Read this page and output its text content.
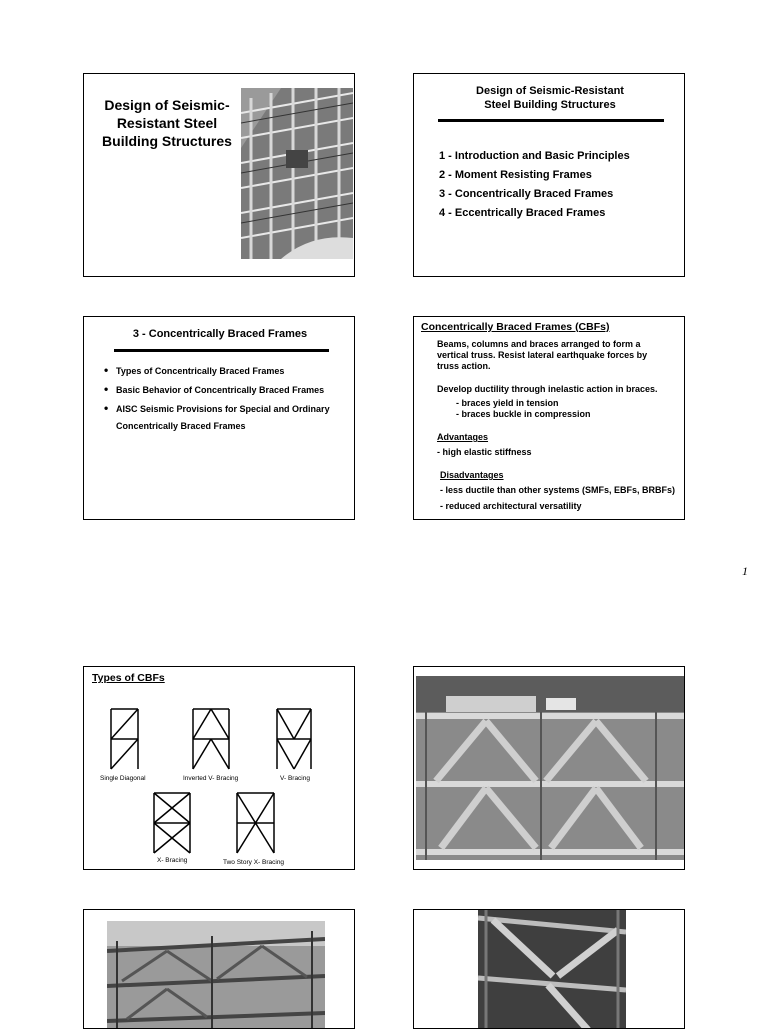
Design of Seismic-
Resistant Steel
Building Structures
Design of Seismic-Resistant
Steel Building Structures
1 - Introduction and Basic Principles
2 - Moment Resisting Frames
3 - Concentrically Braced Frames
4 - Eccentrically Braced Frames
3 - Concentrically Braced Frames
• Types of Concentrically Braced Frames
• Basic Behavior of Concentrically Braced Frames
• AISC Seismic Provisions for Special and Ordinary Concentrically Braced Frames
Concentrically Braced Frames (CBFs)
Beams, columns and braces arranged to form a
vertical truss. Resist lateral earthquake forces by
truss action.
Develop ductility through inelastic action in braces.
- braces yield in tension
- braces buckle in compression
Advantages
- high elastic stiffness
Disadvantages
- less ductile than other systems (SMFs, EBFs, BRBFs)
- reduced architectural versatility
1
Types of CBFs
Single Diagonal	Inverted V- Bracing	V- Bracing
X- Bracing	Two Story X- Bracing
